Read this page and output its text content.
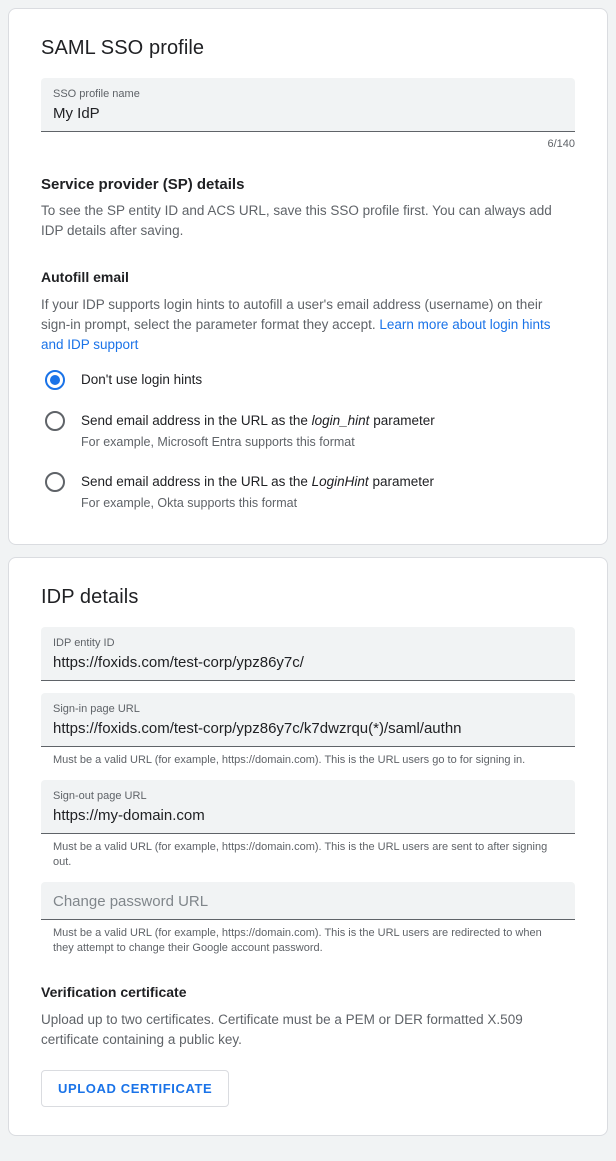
SAML SSO profile
SSO profile name
My IdP
6/140
Service provider (SP) details
To see the SP entity ID and ACS URL, save this SSO profile first. You can always add IDP details after saving.
Autofill email
If your IDP supports login hints to autofill a user's email address (username) on their sign-in prompt, select the parameter format they accept. Learn more about login hints and IDP support
Don't use login hints
Send email address in the URL as the login_hint parameter
For example, Microsoft Entra supports this format
Send email address in the URL as the LoginHint parameter
For example, Okta supports this format
IDP details
IDP entity ID
https://foxids.com/test-corp/ypz86y7c/
Sign-in page URL
https://foxids.com/test-corp/ypz86y7c/k7dwzrqu(*)/saml/authn
Must be a valid URL (for example, https://domain.com). This is the URL users go to for signing in.
Sign-out page URL
https://my-domain.com
Must be a valid URL (for example, https://domain.com). This is the URL users are sent to after signing out.
Change password URL
Must be a valid URL (for example, https://domain.com). This is the URL users are redirected to when they attempt to change their Google account password.
Verification certificate
Upload up to two certificates. Certificate must be a PEM or DER formatted X.509 certificate containing a public key.
UPLOAD CERTIFICATE
